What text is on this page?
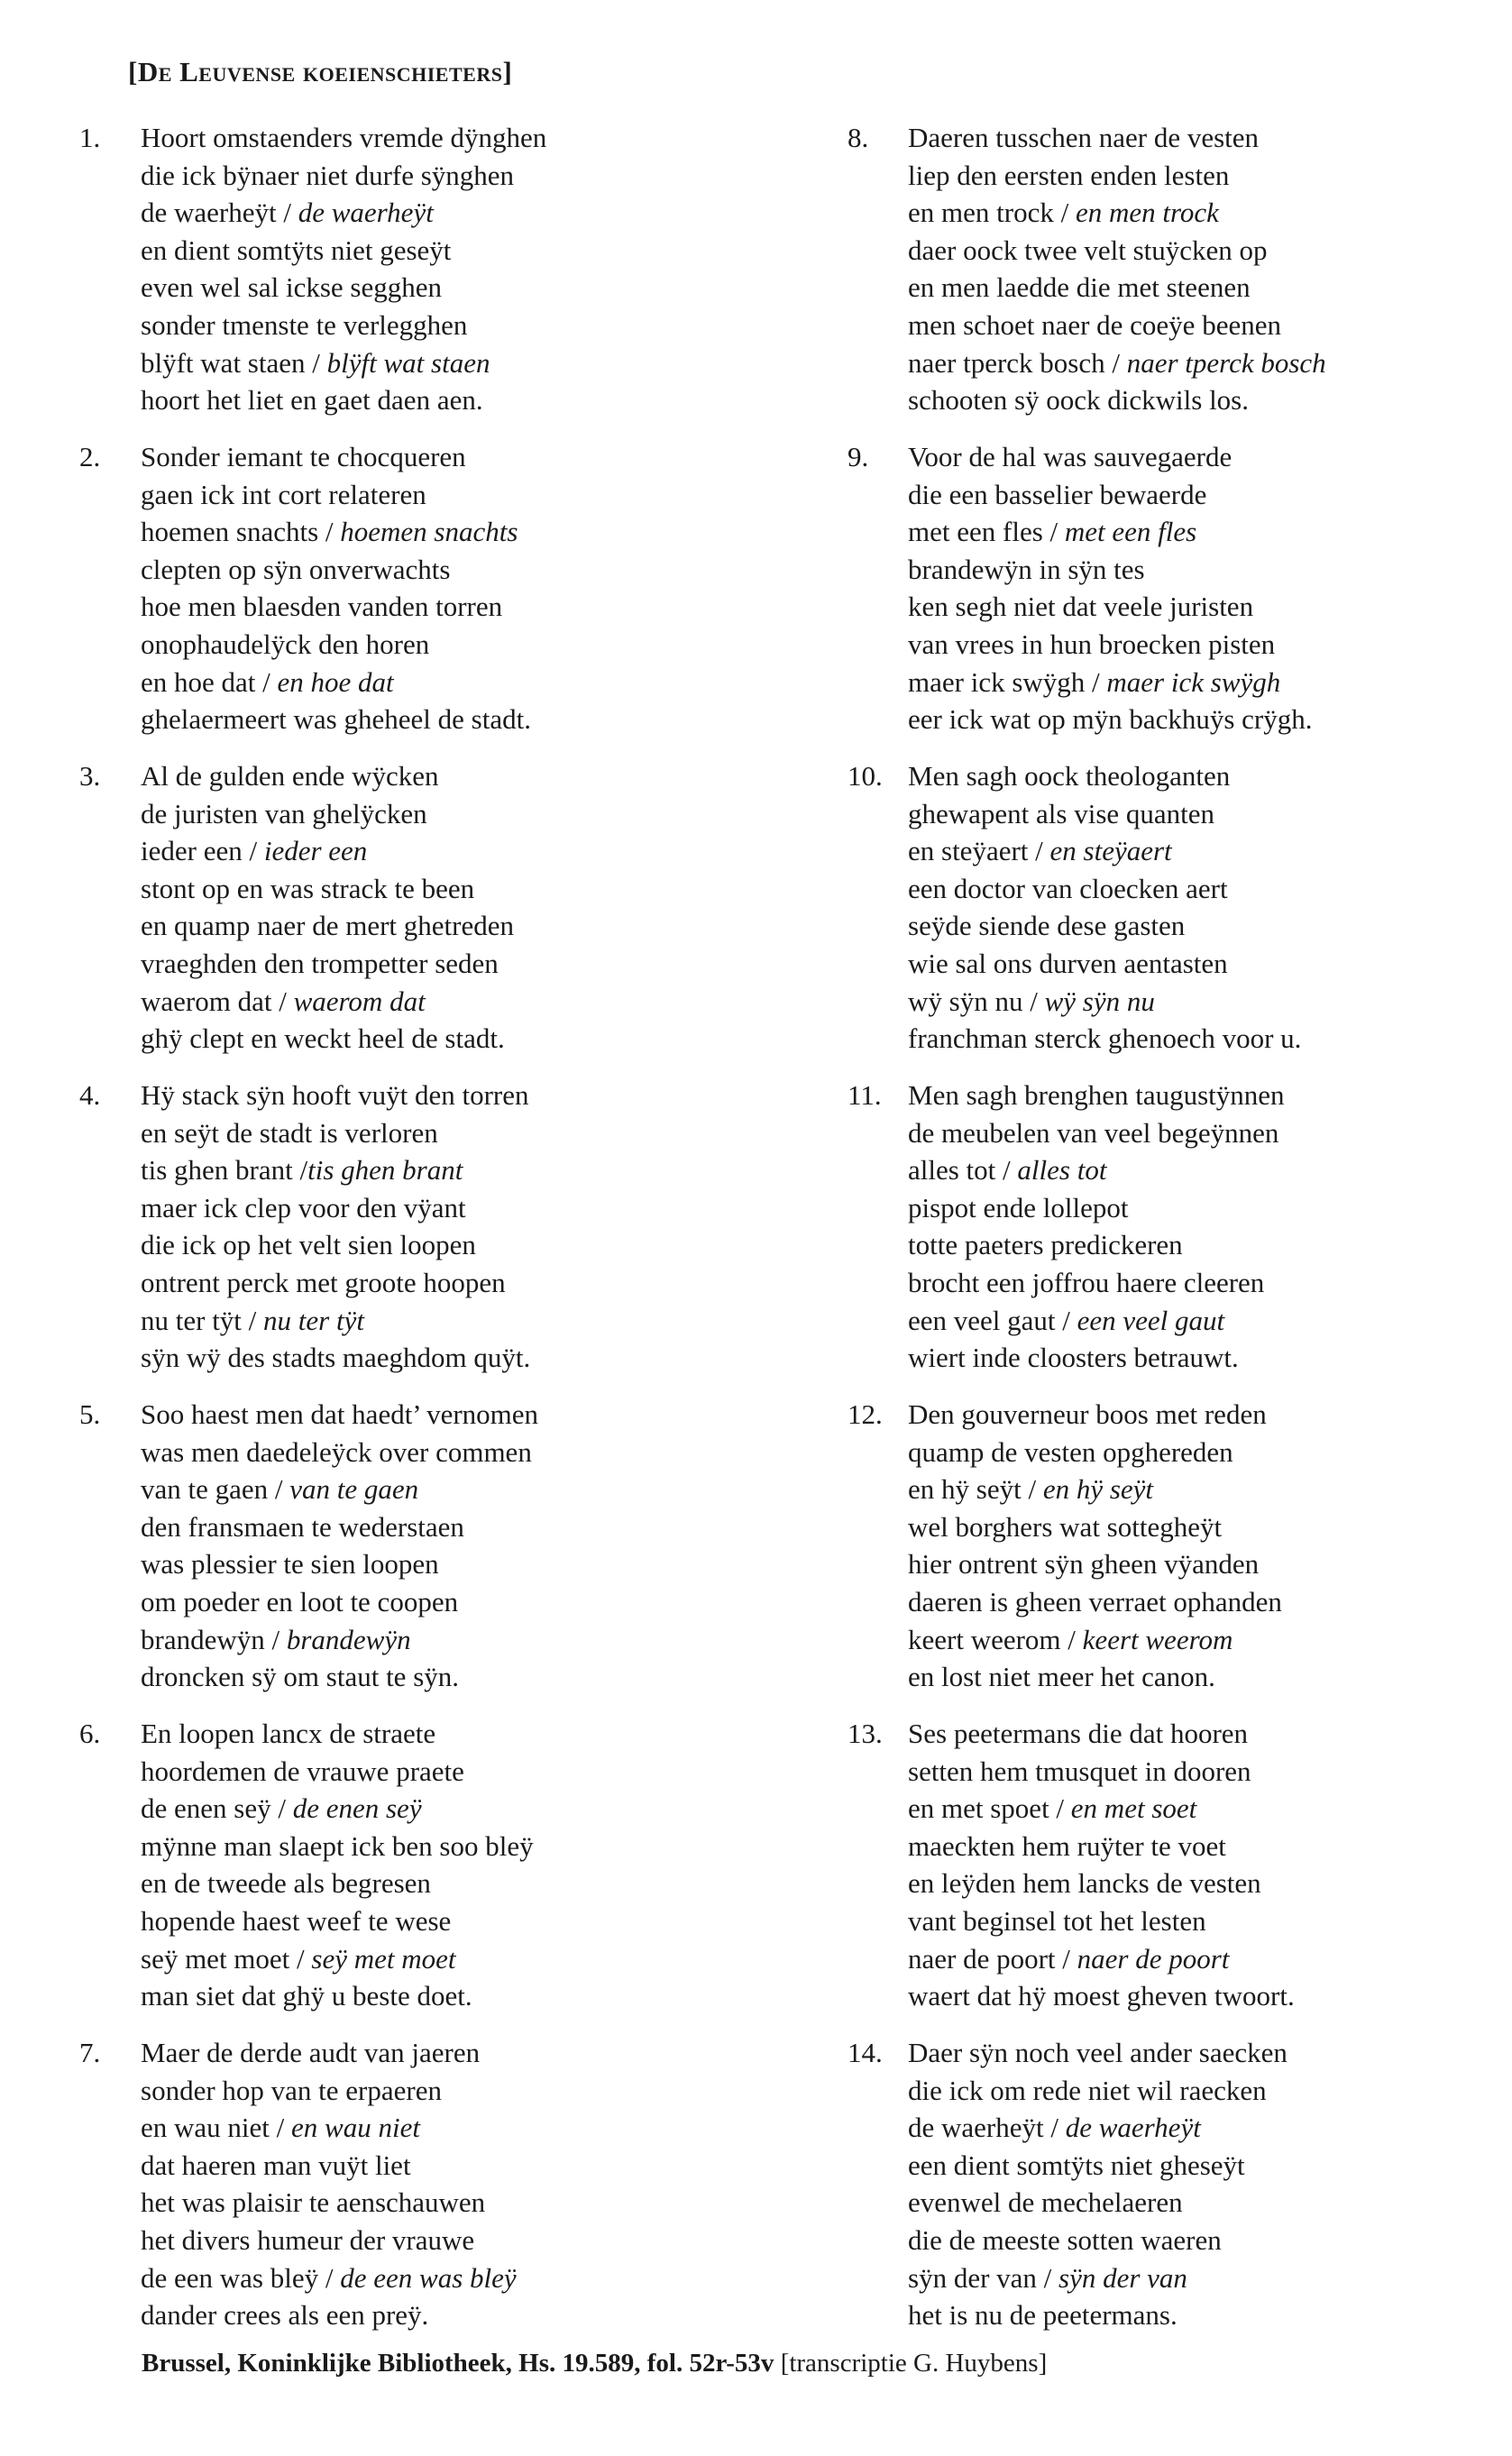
[De Leuvense koeienschieters]
1.	Hoort omstaenders vremde dÿnghen
die ick bÿnaer niet durfe sÿnghen
de waerheÿt / de waerheÿt
en dient somtÿts niet geseÿt
even wel sal ickse segghen
sonder tmenste te verlegghen
blÿft wat staen / blÿft wat staen
hoort het liet en gaet daen aen.
2.	Sonder iemant te chocqueren
gaen ick int cort relateren
hoemen snachts / hoemen snachts
clepten op sÿn onverwachts
hoe men blaesden vanden torren
onophaudelÿck den horen
en hoe dat / en hoe dat
ghelaermeert was gheheel de stadt.
3.	Al de gulden ende wÿcken
de juristen van ghelÿcken
ieder een / ieder een
stont op en was strack te been
en quamp naer de mert ghetreden
vraeghden den trompetter seden
waerom dat / waerom dat
ghÿ clept en weckt heel de stadt.
4.	Hÿ stack sÿn hooft vuÿt den torren
en seÿt de stadt is verloren
tis ghen brant /tis ghen brant
maer ick clep voor den vÿant
die ick op het velt sien loopen
ontrent perck met groote hoopen
nu ter tÿt / nu ter tÿt
sÿn wÿ des stadts maeghdom quÿt.
5.	Soo haest men dat haedt’ vernomen
was men daedeleÿck over commen
van te gaen / van te gaen
den fransmaen te wederstaen
was plessier te sien loopen
om poeder en loot te coopen
brandewÿn / brandewÿn
droncken sÿ om staut te sÿn.
6.	En loopen lancx de straete
hoordemen de vrauwe praete
de enen seÿ / de enen seÿ
mÿnne man slaept ick ben soo bleÿ
en de tweede als begresen
hopende haest weef te wese
seÿ met moet / seÿ met moet
man siet dat ghÿ u beste doet.
7.	Maer de derde audt van jaeren
sonder hop van te erpaeren
en wau niet / en wau niet
dat haeren man vuÿt liet
het was plaisir te aenschauwen
het divers humeur der vrauwe
de een was bleÿ / de een was bleÿ
dander crees als een preÿ.
8.	Daeren tusschen naer de vesten
liep den eersten enden lesten
en men trock / en men trock
daer oock twee velt stuÿcken op
en men laedde die met steenen
men schoet naer de coeÿe beenen
naer tperck bosch / naer tperck bosch
schooten sÿ oock dickwils los.
9.	Voor de hal was sauvegaerde
die een basselier bewaerde
met een fles / met een fles
brandewÿn in sÿn tes
ken segh niet dat veele juristen
van vrees in hun broecken pisten
maer ick swÿgh / maer ick swÿgh
eer ick wat op mÿn backhuÿs crÿgh.
10. Men sagh oock theologanten
ghewapent als vise quanten
en steÿaert / en steÿaert
een doctor van cloecken aert
seÿde siende dese gasten
wie sal ons durven aentasten
wÿ sÿn nu / wÿ sÿn nu
franchman sterck ghenoech voor u.
11. Men sagh brenghen taugustÿnnen
de meubelen van veel begeÿnnen
alles tot / alles tot
pispot ende lollepot
totte paeters predickeren
brocht een joffrou haere cleeren
een veel gaut / een veel gaut
wiert inde cloosters betrauwt.
12. Den gouverneur boos met reden
quamp de vesten opghereden
en hÿ seÿt / en hÿ seÿt
wel borghers wat sotteghеÿt
hier ontrent sÿn gheen vÿanden
daeren is gheen verraet ophanden
keert weerom / keert weerom
en lost niet meer het canon.
13. Ses peetermans die dat hooren
setten hem tmusquet in dooren
en met spoet / en met soet
maeckten hem ruÿter te voet
en leÿden hem lancks de vesten
vant beginsel tot het lesten
naer de poort / naer de poort
waert dat hÿ moest gheven twoort.
14. Daer sÿn noch veel ander saecken
die ick om rede niet wil raecken
de waerheÿt / de waerheÿt
een dient somtÿts niet gheseÿt
evenwel de mechelaeren
die de meeste sotten waeren
sÿn der van / sÿn der van
het is nu de peetermans.
Brussel, Koninklijke Bibliotheek, Hs. 19.589, fol. 52r-53v [transcriptie G. Huybens]
